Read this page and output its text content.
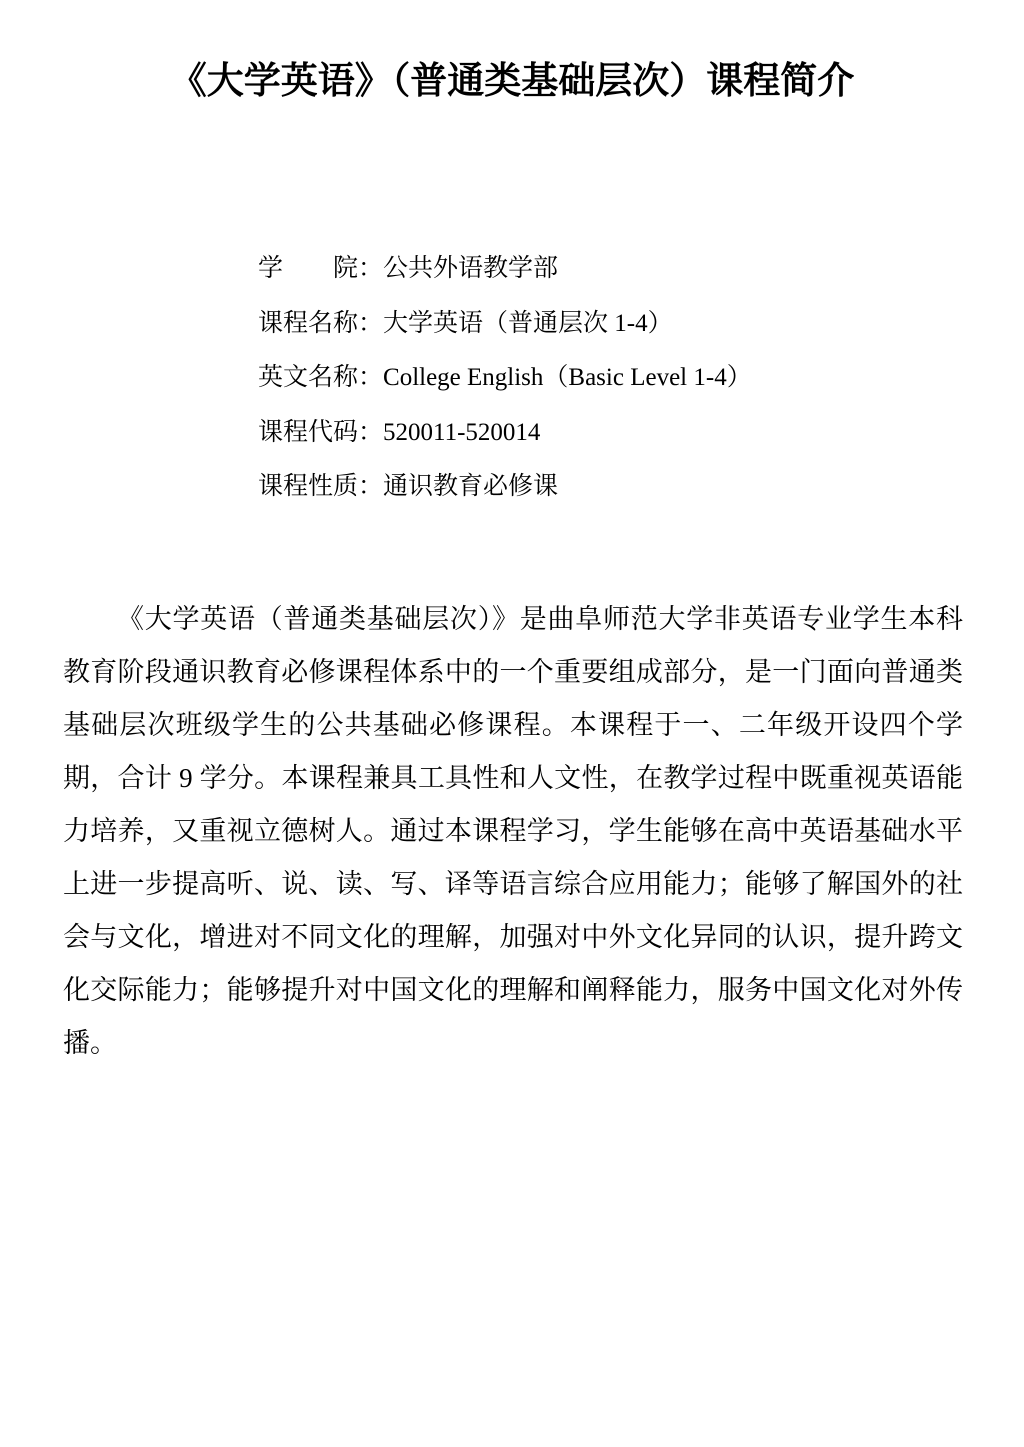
《大学英语》（普通类基础层次）课程简介
学　　院：公共外语教学部
课程名称：大学英语（普通层次 1-4）
英文名称：College English（Basic Level 1-4）
课程代码：520011-520014
课程性质：通识教育必修课

《大学英语（普通类基础层次）》是曲阜师范大学非英语专业学生本科教育阶段通识教育必修课程体系中的一个重要组成部分，是一门面向普通类基础层次班级学生的公共基础必修课程。本课程于一、二年级开设四个学期，合计 9 学分。本课程兼具工具性和人文性，在教学过程中既重视英语能力培养，又重视立德树人。通过本课程学习，学生能够在高中英语基础水平上进一步提高听、说、读、写、译等语言综合应用能力；能够了解国外的社会与文化，增进对不同文化的理解，加强对中外文化异同的认识，提升跨文化交际能力；能够提升对中国文化的理解和阐释能力，服务中国文化对外传播。
